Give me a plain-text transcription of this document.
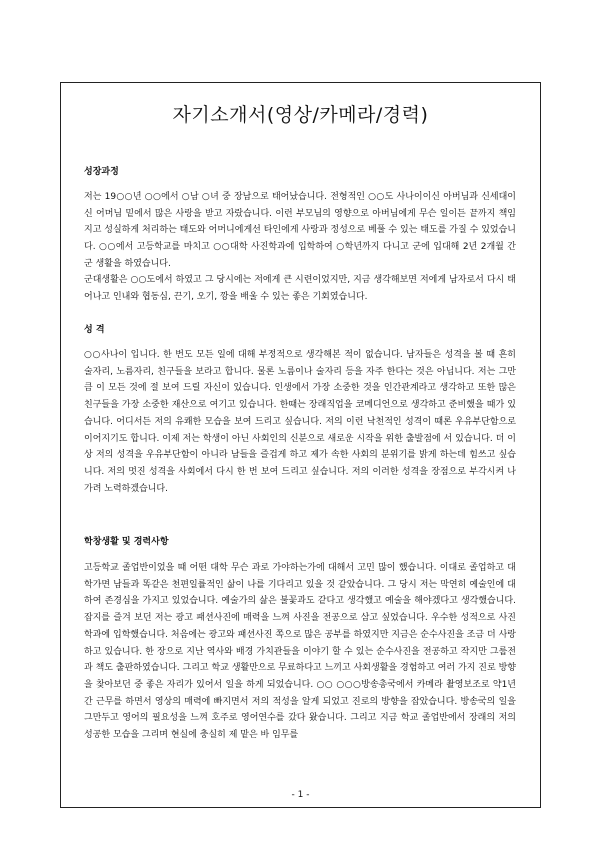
자기소개서(영상/카메라/경력)
성장과정
저는 19○○년 ○○에서 ○남 ○녀 중 장남으로 태어났습니다. 전형적인 ○○도 사나이이신 아버님과 신세대이신 어머님 밑에서 많은 사랑을 받고 자랐습니다. 이런 부모님의 영향으로 아버님에게 무슨 일이든 끝까지 책임지고 성실하게 처리하는 태도와 어머니에게선 타인에게 사랑과 정성으로 베풀 수 있는 태도를 가질 수 있었습니다. ○○에서 고등학교를 마치고 ○○대학 사진학과에 입학하여 ○학년까지 다니고 군에 입대해 2년 2개월 간 군 생활을 하였습니다.
군대생활은 ○○도에서 하였고 그 당시에는 저에게 큰 시련이었지만, 지금 생각해보면 저에게 남자로서 다시 태어나고 인내와 협동심, 끈기, 오기, 깡을 배울 수 있는 좋은 기회였습니다.
성 격
○○사나이 입니다. 한 번도 모든 일에 대해 부정적으로 생각해본 적이 없습니다. 남자들은 성격을 볼 때 흔히 술자리, 노름자리, 친구들을 보라고 합니다. 물론 노름이나 술자리 등을 자주 한다는 것은 아닙니다. 저는 그만큼 이 모든 것에 절 보여 드릴 자신이 있습니다. 인생에서 가장 소중한 것을 인간관계라고 생각하고 또한 많은 친구들을 가장 소중한 재산으로 여기고 있습니다. 한때는 장래직업을 코메디언으로 생각하고 준비했을 때가 있습니다. 어디서든 저의 유쾌한 모습을 보여 드리고 싶습니다. 저의 이런 낙천적인 성격이 때론 우유부단함으로 이어지기도 합니다. 이제 저는 학생이 아닌 사회인의 신분으로 새로운 시작을 위한 출발점에 서 있습니다. 더 이상 저의 성격을 우유부단함이 아니라 남들을 즐겁게 하고 제가 속한 사회의 분위기를 밝게 하는데 힘쓰고 싶습니다. 저의 멋진 성격을 사회에서 다시 한 번 보여 드리고 싶습니다. 저의 이러한 성격을 장점으로 부각시켜 나가려 노력하겠습니다.
학창생활 및 경력사항
고등학교 졸업반이었을 때 어떤 대학 무슨 과로 가야하는가에 대해서 고민 많이 했습니다. 이대로 졸업하고 대학가면 남들과 똑같은 천편일률적인 삶이 나를 기다리고 있을 것 같았습니다. 그 당시 저는 막연히 예술인에 대하여 존경심을 가지고 있었습니다. 예술가의 삶은 불꽃과도 같다고 생각했고 예술을 해야겠다고 생각했습니다. 잡지를 즐겨 보던 저는 광고 패션사진에 매력을 느껴 사진을 전공으로 삼고 싶었습니다. 우수한 성적으로 사진학과에 입학했습니다. 처음에는 광고와 패션사진 쪽으로 많은 공부를 하였지만 지금은 순수사진을 조금 더 사랑하고 있습니다. 한 장으로 지난 역사와 배경 가치관들을 이야기 할 수 있는 순수사진을 전공하고 작지만 그룹전과 책도 출판하였습니다. 그리고 학교 생활만으로 무료하다고 느끼고 사회생활을 경험하고 여러 가지 진로 방향을 찾아보던 중 좋은 자리가 있어서 일을 하게 되었습니다. ○○ ○○○방송총국에서 카메라 촬영보조로 약1년 간 근무를 하면서 영상의 매력에 빠지면서 저의 적성을 알게 되었고 진로의 방향을 잡았습니다. 방송국의 일을 그만두고 영어의 필요성을 느껴 호주로 영어연수를 갔다 왔습니다. 그리고 지금 학교 졸업반에서 장래의 저의 성공한 모습을 그리며 현실에 충실히 제 맡은 바 임무를
- 1 -
